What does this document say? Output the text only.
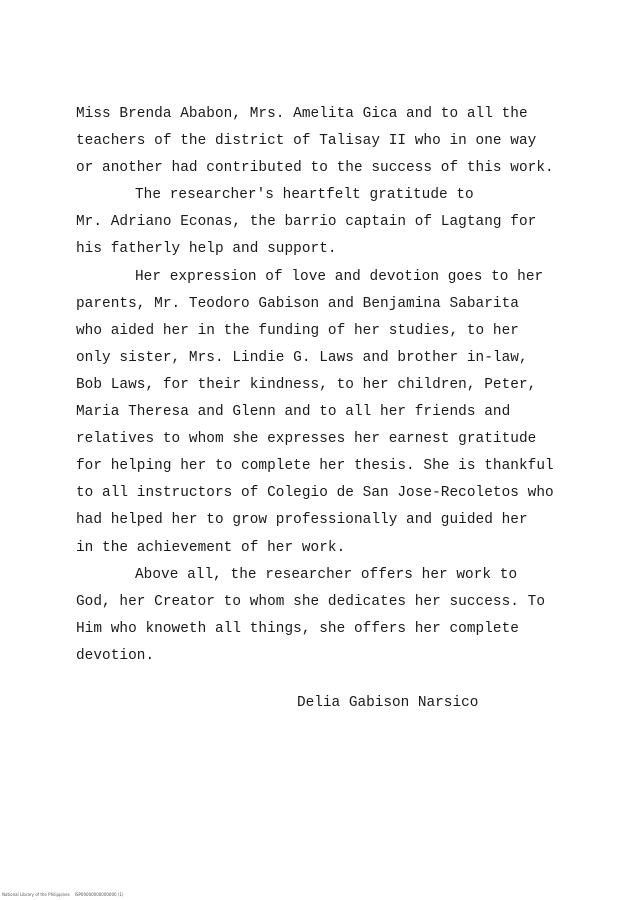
Miss Brenda Ababon, Mrs. Amelita Gica and to all the
teachers of the district of Talisay II who in one way
or another had contributed to the success of this work.
The researcher's heartfelt gratitude to
Mr. Adriano Econas, the barrio captain of Lagtang for
his fatherly help and support.
Her expression of love and devotion goes to her
parents, Mr. Teodoro Gabison and Benjamina Sabarita
who aided her in the funding of her studies, to her
only sister, Mrs. Lindie G. Laws and brother in-law,
Bob Laws, for their kindness, to her children, Peter,
Maria Theresa and Glenn and to all her friends and
relatives to whom she expresses her earnest gratitude
for helping her to complete her thesis. She is thankful
to all instructors of Colegio de San Jose-Recoletos who
had helped her to grow professionally and guided her
in the achievement of her work.
Above all, the researcher offers her work to
God, her Creator to whom she dedicates her success. To
Him who knoweth all things, she offers her complete
devotion.
Delia Gabison Narsico
National Library of the Philippines    ISP00000000000000 (1)
